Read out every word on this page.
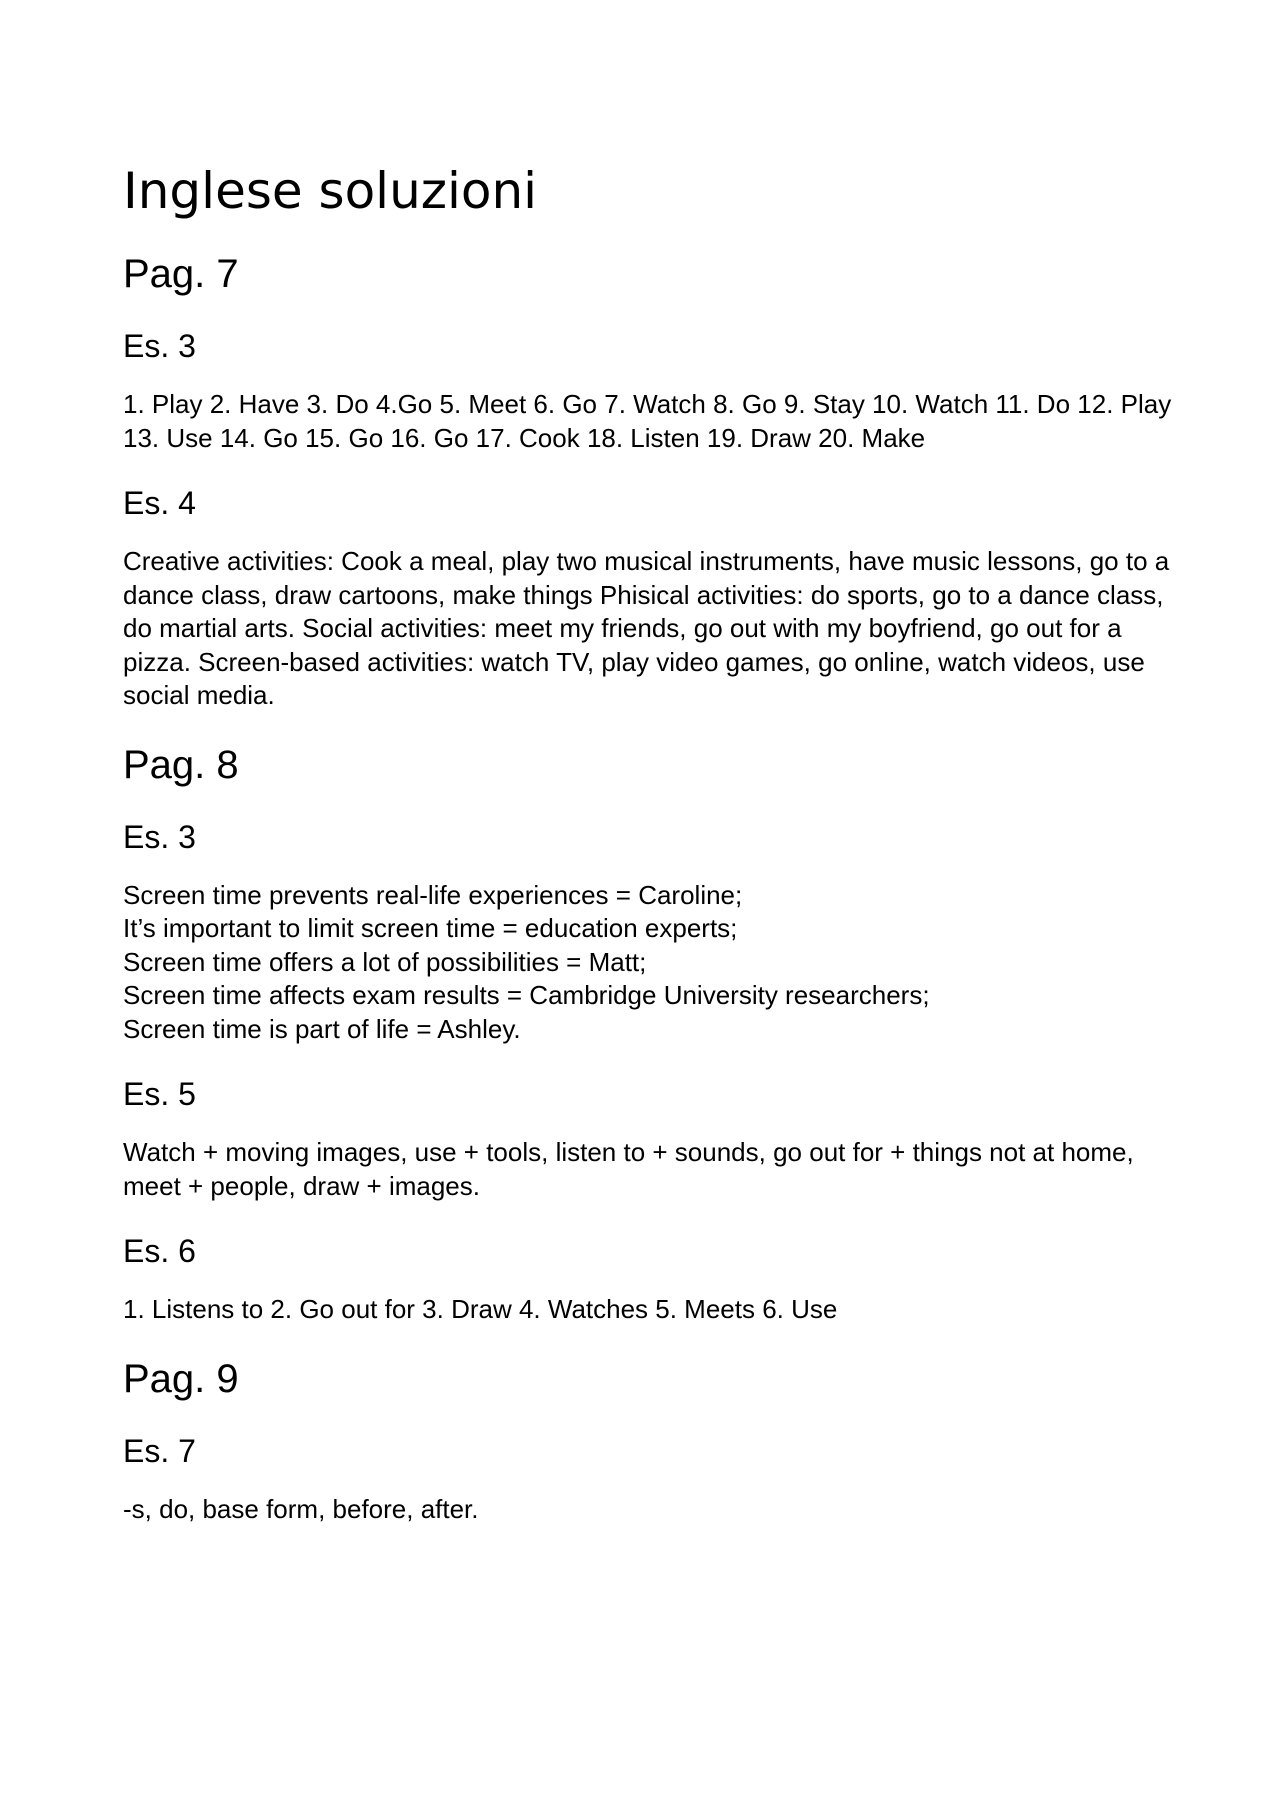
Inglese soluzioni
Pag. 7
Es. 3

1. Play 2. Have 3. Do 4.Go 5. Meet 6. Go 7. Watch 8. Go 9. Stay 10. Watch 11. Do 12. Play 13. Use 14. Go 15. Go 16. Go 17. Cook 18. Listen 19. Draw 20. Make

Es. 4

Creative activities: Cook a meal, play two musical instruments, have music lessons, go to a dance class, draw cartoons, make things Phisical activities: do sports, go to a dance class, do martial arts. Social activities: meet my friends, go out with my boyfriend, go out for a pizza. Screen-based activities: watch TV, play video games, go online, watch videos, use social media.

Pag. 8
Es. 3

Screen time prevents real-life experiences = Caroline;
It’s important to limit screen time = education experts;
Screen time offers a lot of possibilities = Matt;
Screen time affects exam results = Cambridge University researchers;
Screen time is part of life = Ashley.

Es. 5

Watch + moving images, use + tools, listen to + sounds, go out for + things not at home, meet + people, draw + images.

Es. 6

1. Listens to 2. Go out for 3. Draw 4. Watches 5. Meets 6. Use

Pag. 9
Es. 7

-s, do, base form, before, after.
